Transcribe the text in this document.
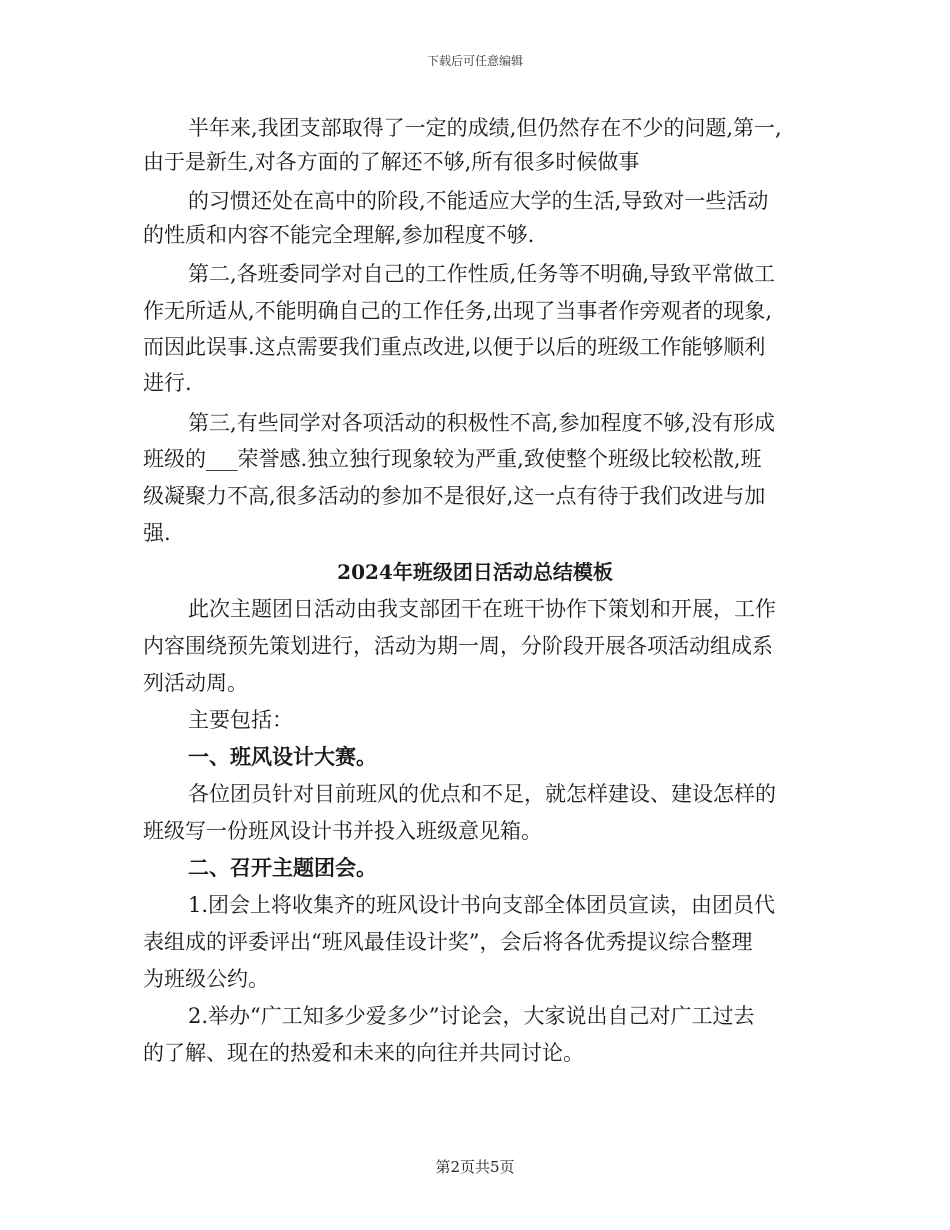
下载后可任意编辑
半年来,我团支部取得了一定的成绩,但仍然存在不少的问题,第一,
由于是新生,对各方面的了解还不够,所有很多时候做事
的习惯还处在高中的阶段,不能适应大学的生活,导致对一些活动
的性质和内容不能完全理解,参加程度不够.
第二,各班委同学对自己的工作性质,任务等不明确,导致平常做工
作无所适从,不能明确自己的工作任务,出现了当事者作旁观者的现象,
而因此误事.这点需要我们重点改进,以便于以后的班级工作能够顺利
进行.
第三,有些同学对各项活动的积极性不高,参加程度不够,没有形成
班级的___荣誉感.独立独行现象较为严重,致使整个班级比较松散,班
级凝聚力不高,很多活动的参加不是很好,这一点有待于我们改进与加
强.
2024年班级团日活动总结模板
此次主题团日活动由我支部团干在班干协作下策划和开展，工作
内容围绕预先策划进行，活动为期一周，分阶段开展各项活动组成系
列活动周。
主要包括：
一、班风设计大赛。
各位团员针对目前班风的优点和不足，就怎样建设、建设怎样的
班级写一份班风设计书并投入班级意见箱。
二、召开主题团会。
1.团会上将收集齐的班风设计书向支部全体团员宣读，由团员代
表组成的评委评出“班风最佳设计奖”，会后将各优秀提议综合整理
为班级公约。
2.举办“广工知多少爱多少”讨论会，大家说出自己对广工过去
的了解、现在的热爱和未来的向往并共同讨论。
第2页共5页
